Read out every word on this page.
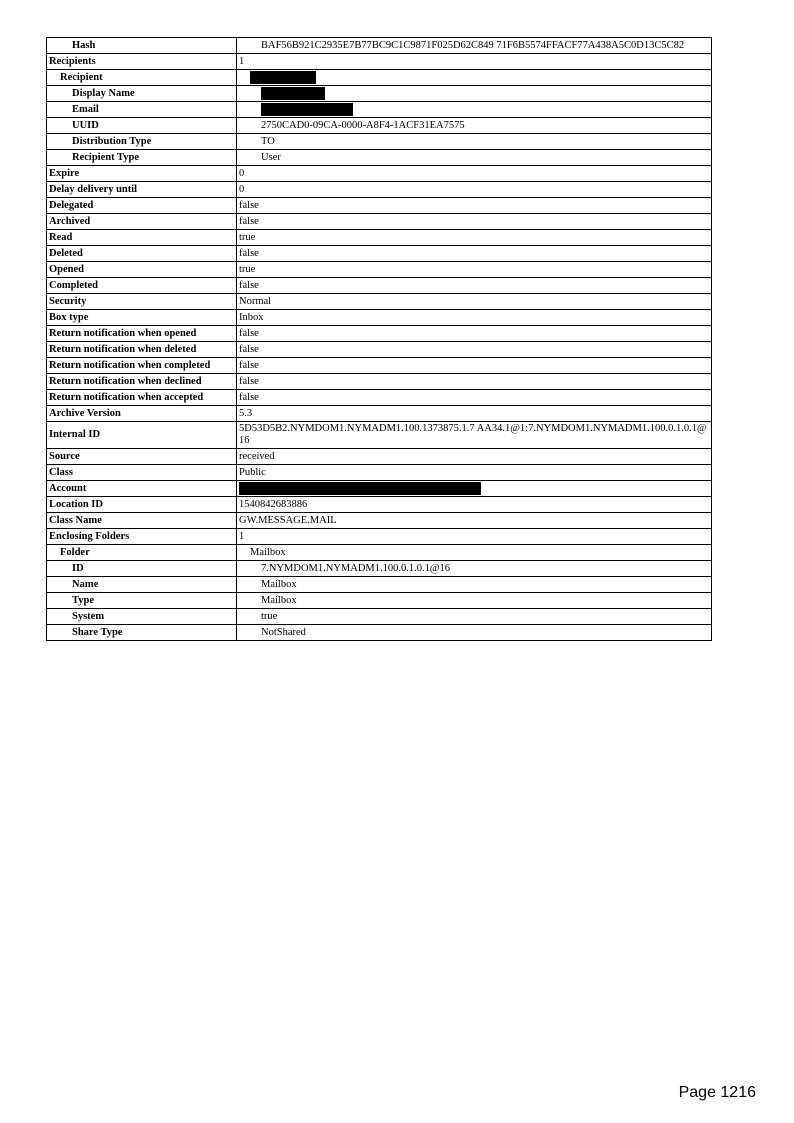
Hash	BAF56B921C2935E7B77BC9C1C9871F025D62C849 71F6B5574FFACF77A438A5C0D13C5C82
Recipients	1
Recipient	
Display Name	
Email	
UUID	2750CAD0-09CA-0000-A8F4-1ACF31EA7575
Distribution Type	TO
Recipient Type	User
Expire	0
Delay delivery until	0
Delegated	false
Archived	false
Read	true
Deleted	false
Opened	true
Completed	false
Security	Normal
Box type	Inbox
Return notification when opened	false
Return notification when deleted	false
Return notification when completed	false
Return notification when declined	false
Return notification when accepted	false
Archive Version	5.3
Internal ID	5D53D5B2.NYMDOM1.NYMADM1.100.1373875.1.7 AA34.1@1:7.NYMDOM1.NYMADM1.100.0.1.0.1@16
Source	received
Class	Public
Account	
Location ID	1540842683886
Class Name	GW.MESSAGE.MAIL
Enclosing Folders	1
Folder	Mailbox
ID	7.NYMDOM1.NYMADM1.100.0.1.0.1@16
Name	Mailbox
Type	Mailbox
System	true
Share Type	NotShared
Page 1216
